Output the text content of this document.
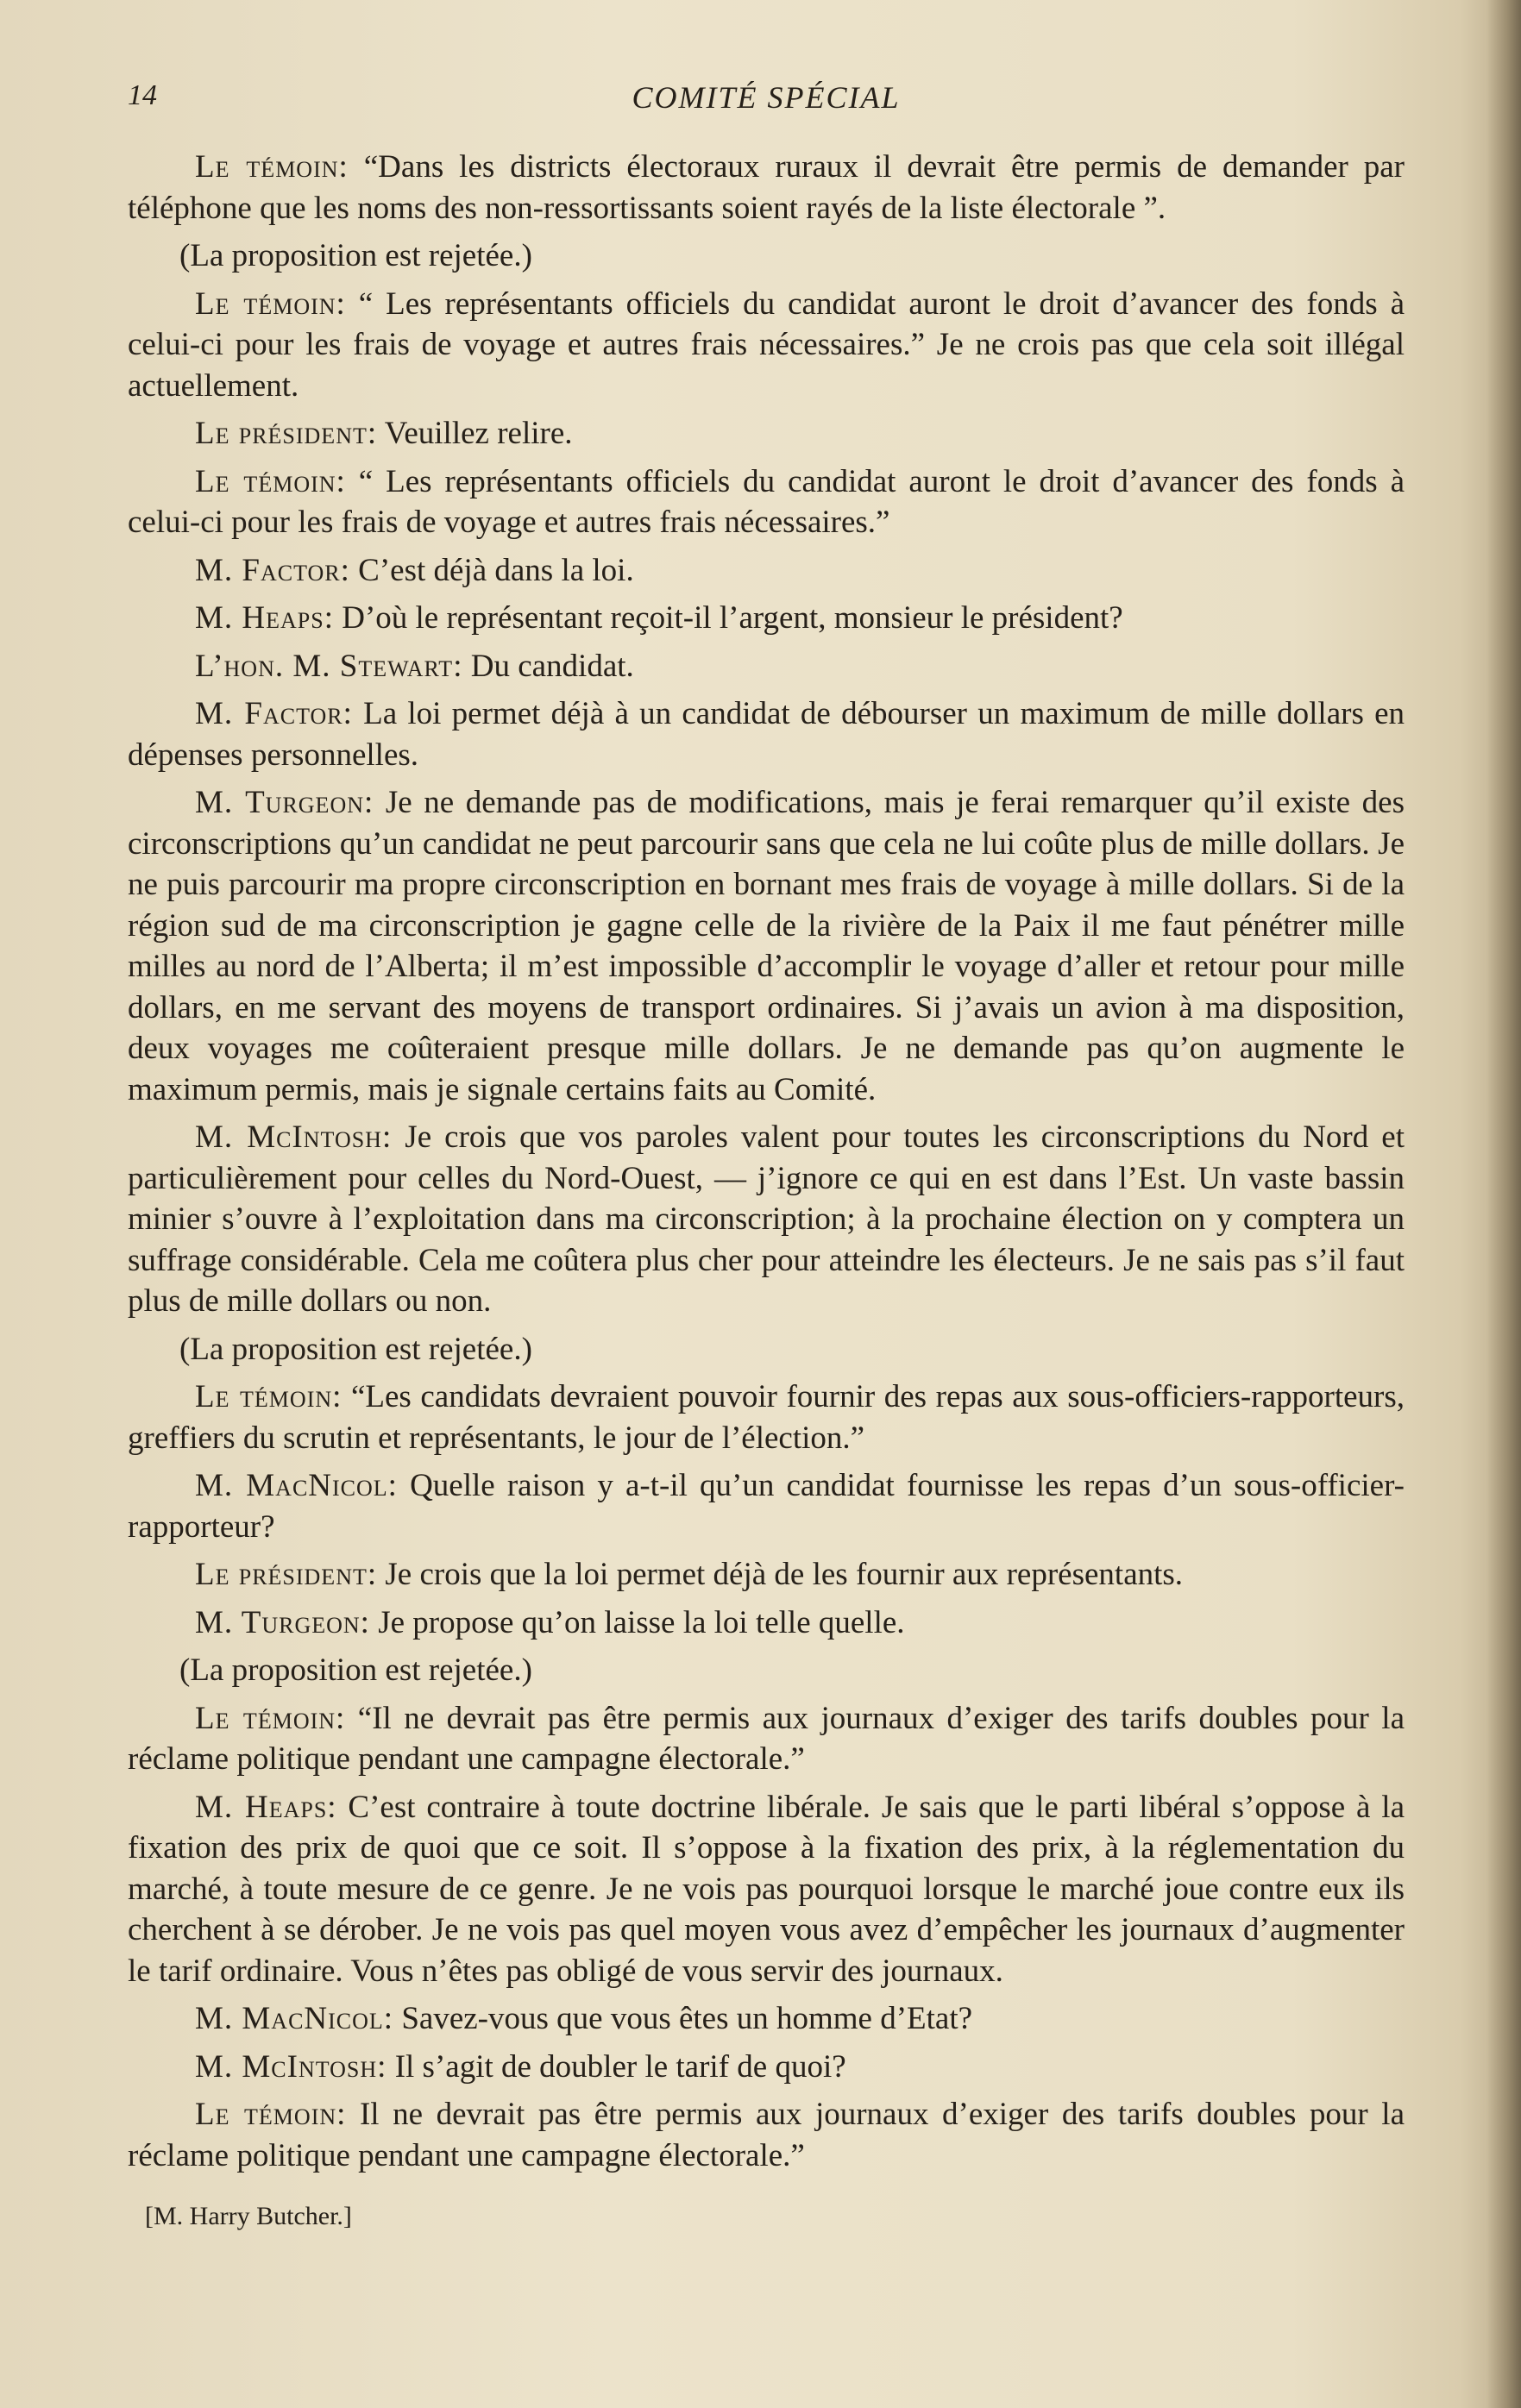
14	COMITÉ SPÉCIAL

Le témoin: “Dans les districts électoraux ruraux il devrait être permis de demander par téléphone que les noms des non-ressortissants soient rayés de la liste électorale ”.

(La proposition est rejetée.)

Le témoin: “ Les représentants officiels du candidat auront le droit d’avancer des fonds à celui-ci pour les frais de voyage et autres frais nécessaires.” Je ne crois pas que cela soit illégal actuellement.

Le président: Veuillez relire.

Le témoin: “ Les représentants officiels du candidat auront le droit d’avancer des fonds à celui-ci pour les frais de voyage et autres frais nécessaires.”

M. Factor: C’est déjà dans la loi.

M. Heaps: D’où le représentant reçoit-il l’argent, monsieur le président?

L’hon. M. Stewart: Du candidat.

M. Factor: La loi permet déjà à un candidat de débourser un maximum de mille dollars en dépenses personnelles.

M. Turgeon: Je ne demande pas de modifications, mais je ferai remarquer qu’il existe des circonscriptions qu’un candidat ne peut parcourir sans que cela ne lui coûte plus de mille dollars. Je ne puis parcourir ma propre circonscription en bornant mes frais de voyage à mille dollars. Si de la région sud de ma circonscription je gagne celle de la rivière de la Paix il me faut pénétrer mille milles au nord de l’Alberta; il m’est impossible d’accomplir le voyage d’aller et retour pour mille dollars, en me servant des moyens de transport ordinaires. Si j’avais un avion à ma disposition, deux voyages me coûteraient presque mille dollars. Je ne demande pas qu’on augmente le maximum permis, mais je signale certains faits au Comité.

M. McIntosh: Je crois que vos paroles valent pour toutes les circonscriptions du Nord et particulièrement pour celles du Nord-Ouest, — j’ignore ce qui en est dans l’Est. Un vaste bassin minier s’ouvre à l’exploitation dans ma circonscription; à la prochaine élection on y comptera un suffrage considérable. Cela me coûtera plus cher pour atteindre les électeurs. Je ne sais pas s’il faut plus de mille dollars ou non.

(La proposition est rejetée.)

Le témoin: “Les candidats devraient pouvoir fournir des repas aux sous-officiers-rapporteurs, greffiers du scrutin et représentants, le jour de l’élection.”

M. MacNicol: Quelle raison y a-t-il qu’un candidat fournisse les repas d’un sous-officier-rapporteur?

Le président: Je crois que la loi permet déjà de les fournir aux représentants.

M. Turgeon: Je propose qu’on laisse la loi telle quelle.

(La proposition est rejetée.)

Le témoin: “Il ne devrait pas être permis aux journaux d’exiger des tarifs doubles pour la réclame politique pendant une campagne électorale.”

M. Heaps: C’est contraire à toute doctrine libérale. Je sais que le parti libéral s’oppose à la fixation des prix de quoi que ce soit. Il s’oppose à la fixation des prix, à la réglementation du marché, à toute mesure de ce genre. Je ne vois pas pourquoi lorsque le marché joue contre eux ils cherchent à se dérober. Je ne vois pas quel moyen vous avez d’empêcher les journaux d’augmenter le tarif ordinaire. Vous n’êtes pas obligé de vous servir des journaux.

M. MacNicol: Savez-vous que vous êtes un homme d’Etat?

M. McIntosh: Il s’agit de doubler le tarif de quoi?

Le témoin: Il ne devrait pas être permis aux journaux d’exiger des tarifs doubles pour la réclame politique pendant une campagne électorale.”

[M. Harry Butcher.]
